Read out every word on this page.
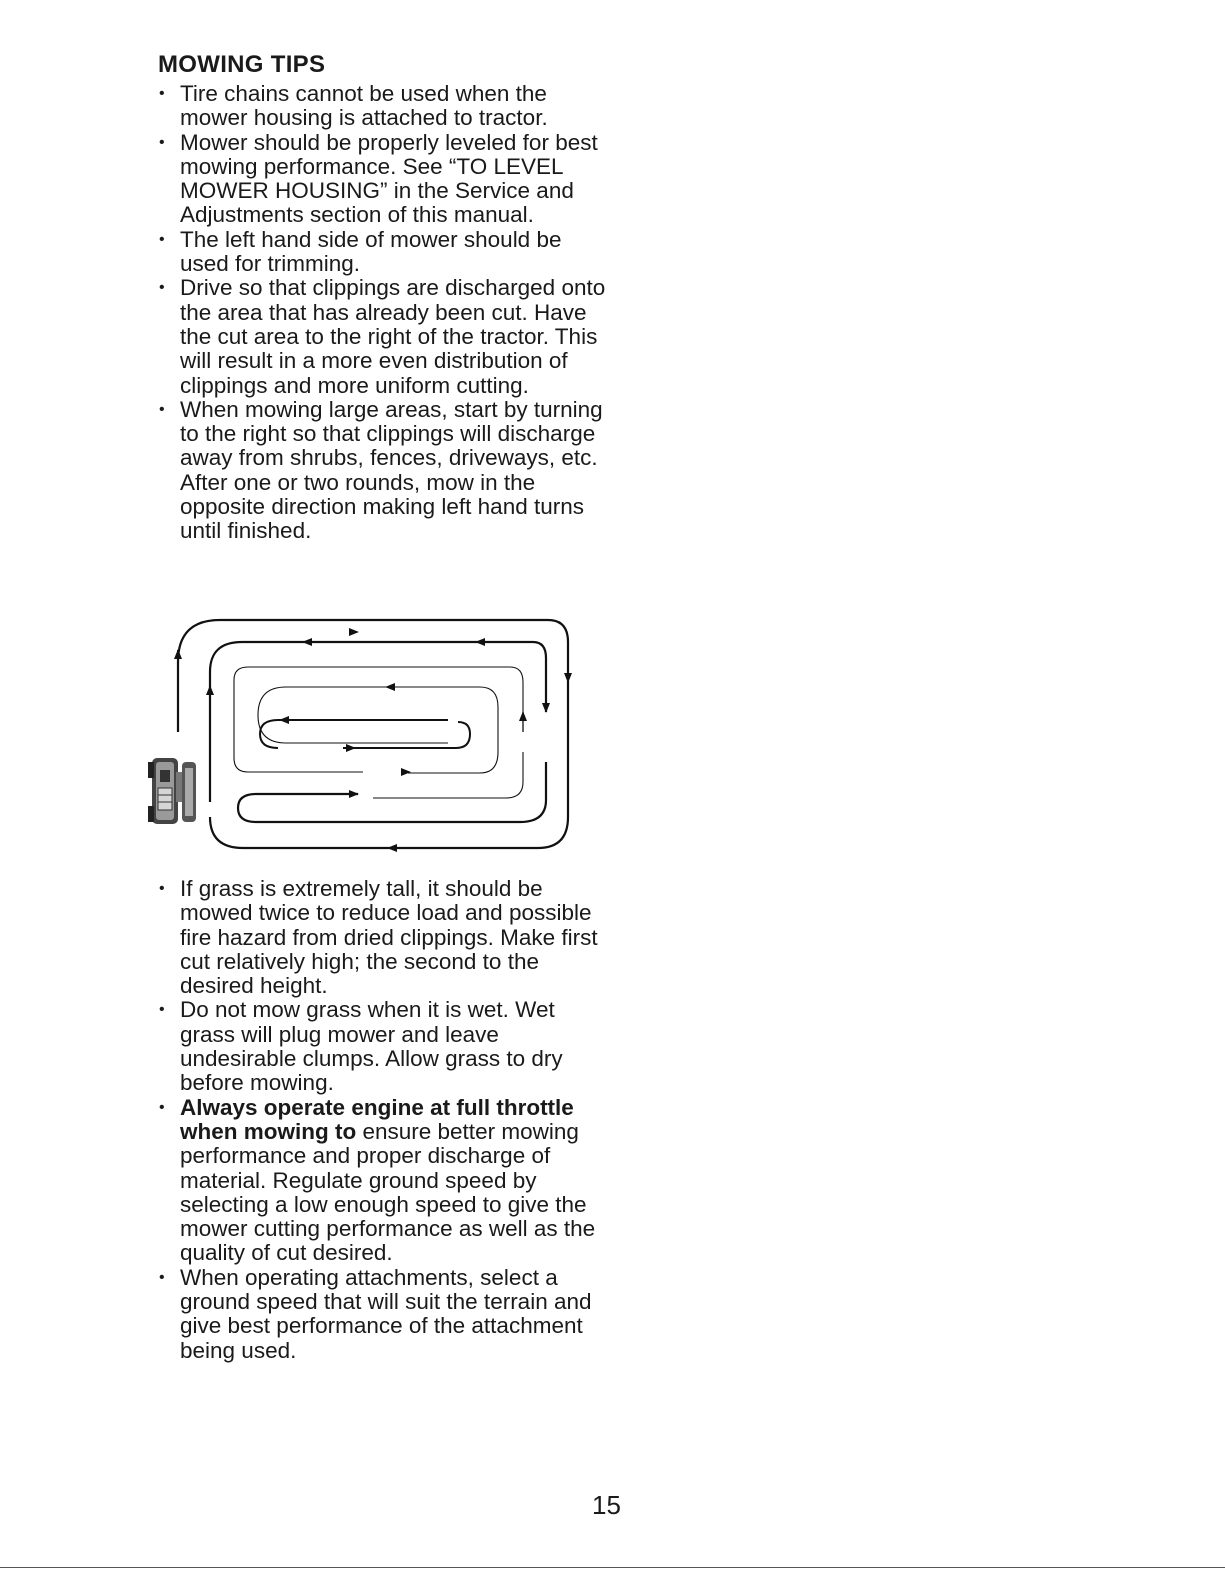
MOWING TIPS
• Tire chains cannot be used when the mower housing is attached to tractor.
• Mower should be properly leveled for best mowing performance. See “TO LEVEL MOWER HOUSING” in the Service and Adjustments section of this manual.
• The left hand side of mower should be used for trimming.
• Drive so that clippings are discharged onto the area that has already been cut. Have the cut area to the right of the tractor. This will result in a more even distribution of clippings and more uniform cutting.
• When mowing large areas, start by turning to the right so that clippings will discharge away from shrubs, fences, driveways, etc. After one or two rounds, mow in the opposite direction making left hand turns until finished.
• If grass is extremely tall, it should be mowed twice to reduce load and possible fire hazard from dried clippings. Make first cut relatively high; the second to the desired height.
• Do not mow grass when it is wet. Wet grass will plug mower and leave undesirable clumps. Allow grass to dry before mowing.
• Always operate engine at full throttle when mowing to ensure better mowing performance and proper discharge of material. Regulate ground speed by selecting a low enough speed to give the mower cutting performance as well as the quality of cut desired.
• When operating attachments, select a ground speed that will suit the terrain and give best performance of the attachment being used.
15
